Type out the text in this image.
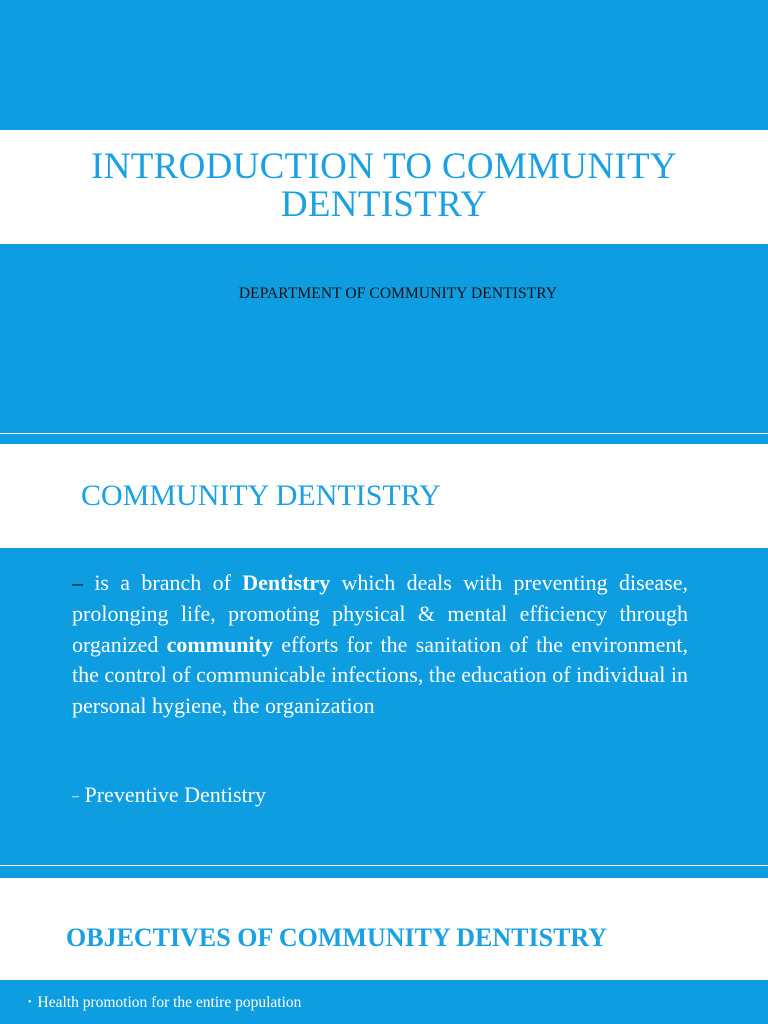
INTRODUCTION TO COMMUNITY DENTISTRY
DEPARTMENT OF COMMUNITY DENTISTRY
COMMUNITY DENTISTRY
– is a branch of Dentistry which deals with preventing disease, prolonging life, promoting physical & mental efficiency through organized community efforts for the sanitation of the environment, the control of communicable infections, the education of individual in personal hygiene, the organization
– Preventive Dentistry
OBJECTIVES OF COMMUNITY DENTISTRY
• Health promotion for the entire population
